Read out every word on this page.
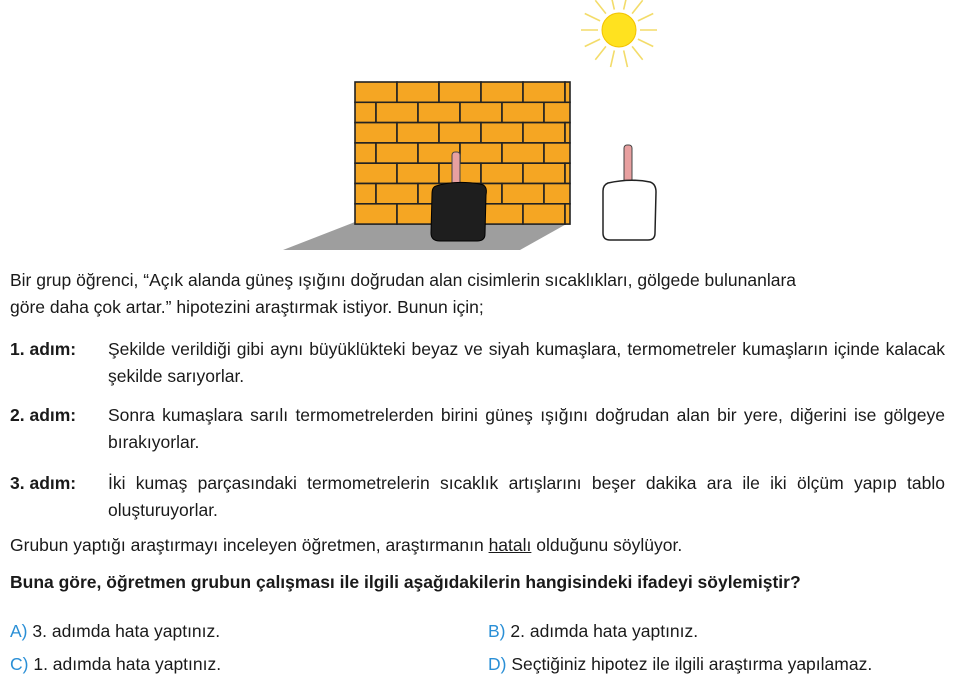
Bir grup öğrenci, “Açık alanda güneş ışığını doğrudan alan cisimlerin sıcaklıkları, gölgede bulunanlara
göre daha çok artar.” hipotezini araştırmak istiyor. Bunun için;
1. adım: Şekilde verildiği gibi aynı büyüklükteki beyaz ve siyah kumaşlara, termometreler kumaşların içinde kalacak şekilde sarıyorlar.
2. adım: Sonra kumaşlara sarılı termometrelerden birini güneş ışığını doğrudan alan bir yere, diğerini ise gölgeye bırakıyorlar.
3. adım: İki kumaş parçasındaki termometrelerin sıcaklık artışlarını beşer dakika ara ile iki ölçüm yapıp tablo oluşturuyorlar.
Grubun yaptığı araştırmayı inceleyen öğretmen, araştırmanın hatalı olduğunu söylüyor.
Buna göre, öğretmen grubun çalışması ile ilgili aşağıdakilerin hangisindeki ifadeyi söylemiştir?
A) 3. adımda hata yaptınız.	B) 2. adımda hata yaptınız.
C) 1. adımda hata yaptınız.	D) Seçtiğiniz hipotez ile ilgili araştırma yapılamaz.
